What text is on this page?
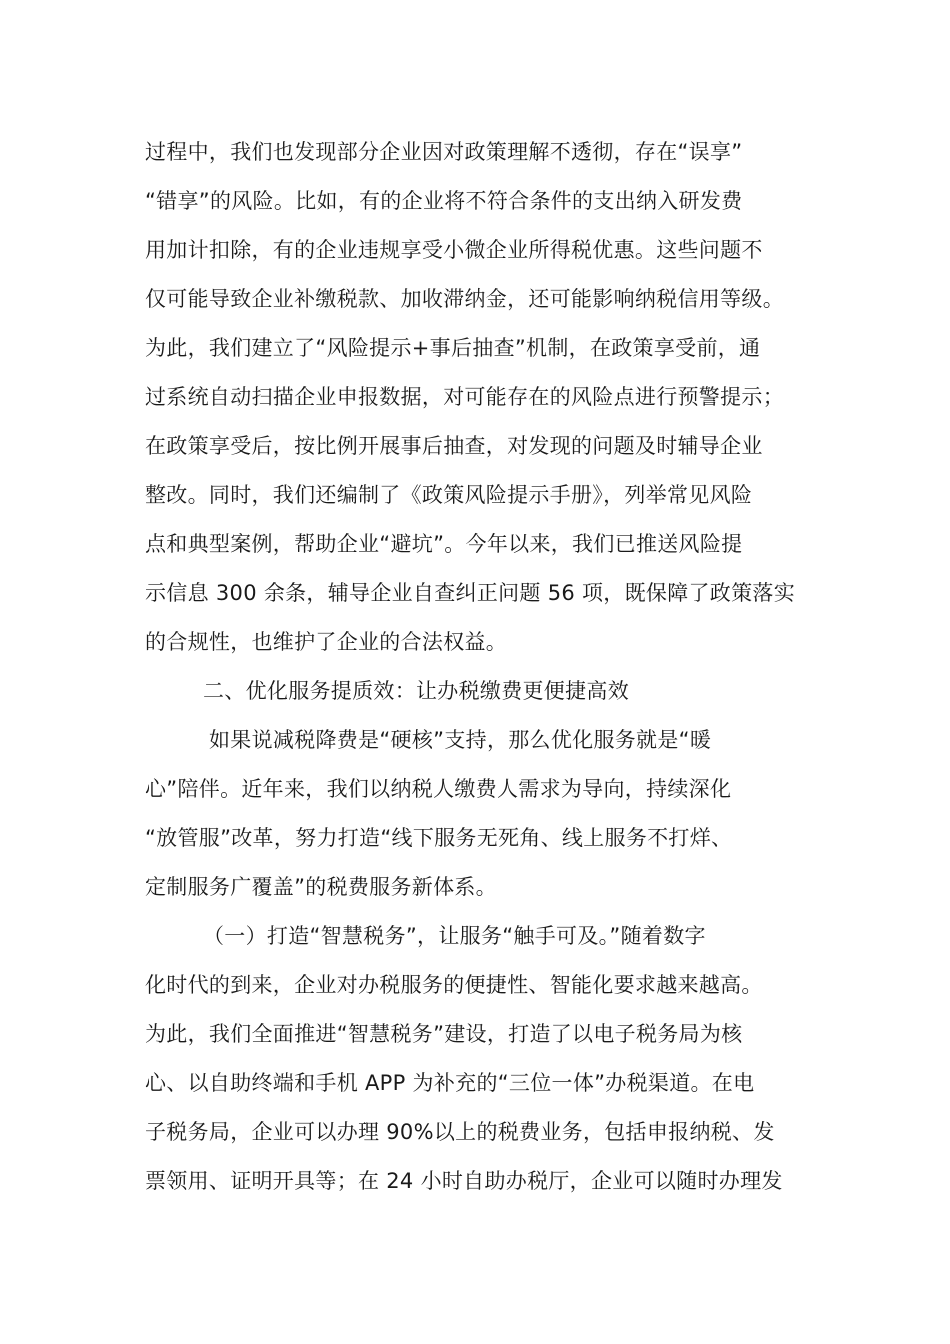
过程中，我们也发现部分企业因对政策理解不透彻，存在“误享”
“错享”的风险。比如，有的企业将不符合条件的支出纳入研发费
用加计扣除，有的企业违规享受小微企业所得税优惠。这些问题不
仅可能导致企业补缴税款、加收滞纳金，还可能影响纳税信用等级。
为此，我们建立了“风险提示+事后抽查”机制，在政策享受前，通
过系统自动扫描企业申报数据，对可能存在的风险点进行预警提示；
在政策享受后，按比例开展事后抽查，对发现的问题及时辅导企业
整改。同时，我们还编制了《政策风险提示手册》，列举常见风险
点和典型案例，帮助企业“避坑”。今年以来，我们已推送风险提
示信息 300 余条，辅导企业自查纠正问题 56 项，既保障了政策落实
的合规性，也维护了企业的合法权益。
二、优化服务提质效：让办税缴费更便捷高效
如果说减税降费是“硬核”支持，那么优化服务就是“暖
心”陪伴。近年来，我们以纳税人缴费人需求为导向，持续深化
“放管服”改革，努力打造“线下服务无死角、线上服务不打烊、
定制服务广覆盖”的税费服务新体系。
（一）打造“智慧税务”，让服务“触手可及。”随着数字
化时代的到来，企业对办税服务的便捷性、智能化要求越来越高。
为此，我们全面推进“智慧税务”建设，打造了以电子税务局为核
心、以自助终端和手机 APP 为补充的“三位一体”办税渠道。在电
子税务局，企业可以办理 90%以上的税费业务，包括申报纳税、发
票领用、证明开具等；在 24 小时自助办税厅，企业可以随时办理发
